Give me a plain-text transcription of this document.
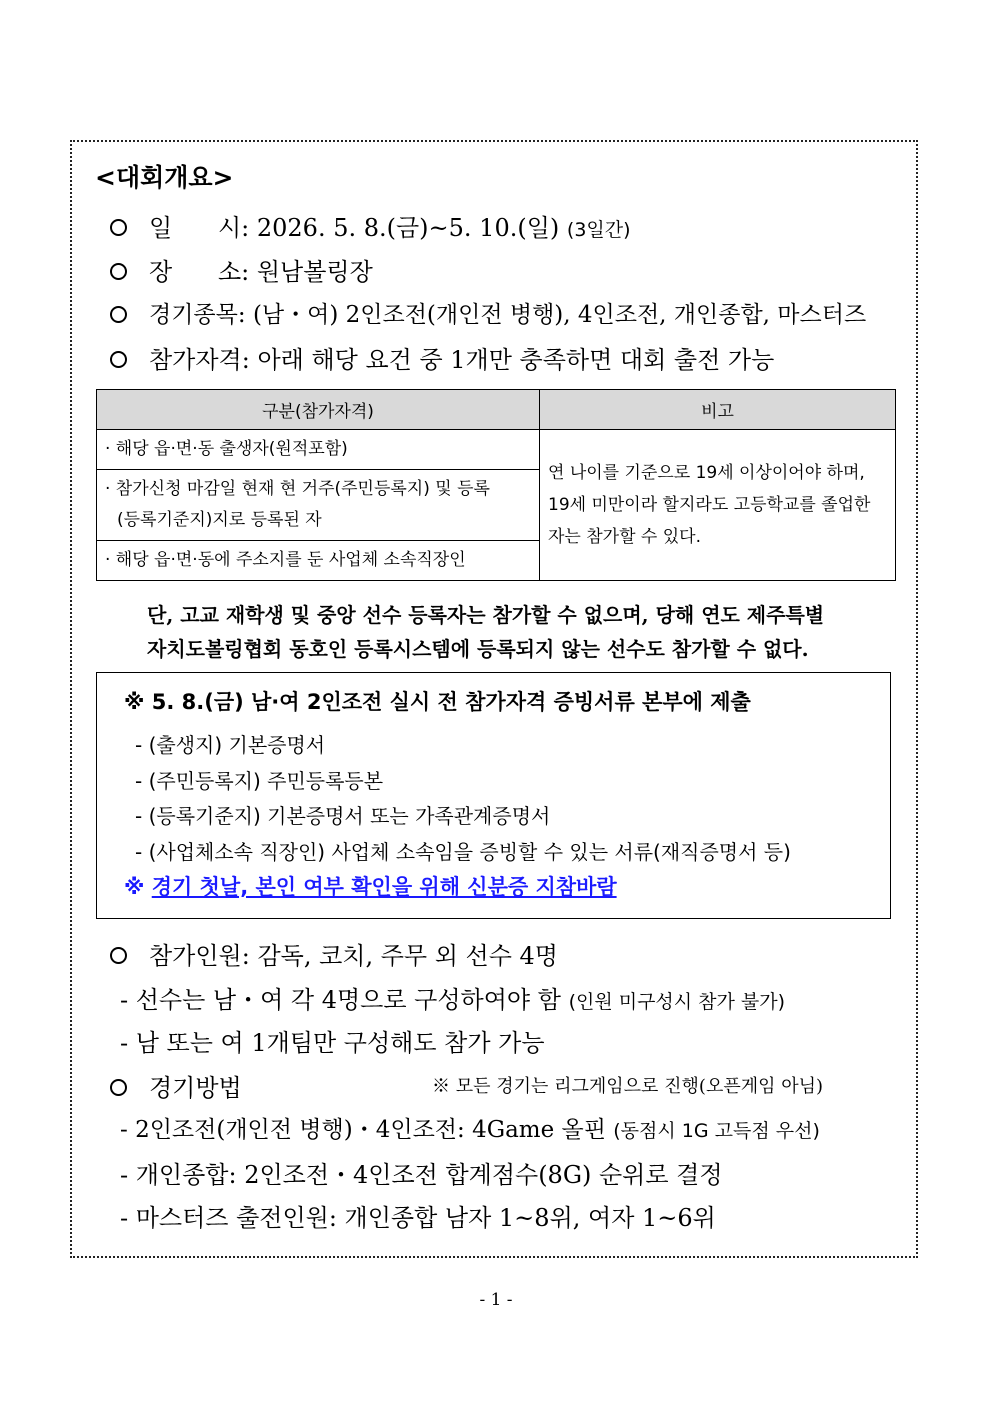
<대회개요>
일      시: 2026. 5. 8.(금)~5. 10.(일) (3일간)
장      소: 원남볼링장
경기종목: (남・여) 2인조전(개인전 병행), 4인조전, 개인종합, 마스터즈
참가자격: 아래 해당 요건 중 1개만 충족하면 대회 출전 가능
구분(참가자격)	비고
· 해당 읍·면·동 출생자(원적포함)	연 나이를 기준으로 19세 이상이어야 하며,
19세 미만이라 할지라도 고등학교를 졸업한
자는 참가할 수 있다.

· 참가신청 마감일 현재 현 거주(주민등록지) 및 등록
(등록기준지)지로 등록된 자	

· 해당 읍·면·동에 주소지를 둔 사업체 소속직장인	
단, 고교 재학생 및 중앙 선수 등록자는 참가할 수 없으며, 당해 연도 제주특별
자치도볼링협회 동호인 등록시스템에 등록되지 않는 선수도 참가할 수 없다.
※ 5. 8.(금) 남·여 2인조전 실시 전 참가자격 증빙서류 본부에 제출
- (출생지) 기본증명서
- (주민등록지) 주민등록등본
- (등록기준지) 기본증명서 또는 가족관계증명서
- (사업체소속 직장인) 사업체 소속임을 증빙할 수 있는 서류(재직증명서 등)
※ 경기 첫날, 본인 여부 확인을 위해 신분증 지참바람
참가인원: 감독, 코치, 주무 외 선수 4명
- 선수는 남・여 각 4명으로 구성하여야 함 (인원 미구성시 참가 불가)
- 남 또는 여 1개팀만 구성해도 참가 가능
경기방법	※ 모든 경기는 리그게임으로 진행(오픈게임 아님)
- 2인조전(개인전 병행)・4인조전: 4Game 올핀 (동점시 1G 고득점 우선)
- 개인종합: 2인조전・4인조전 합계점수(8G) 순위로 결정
- 마스터즈 출전인원: 개인종합 남자 1~8위, 여자 1~6위
- 1 -
